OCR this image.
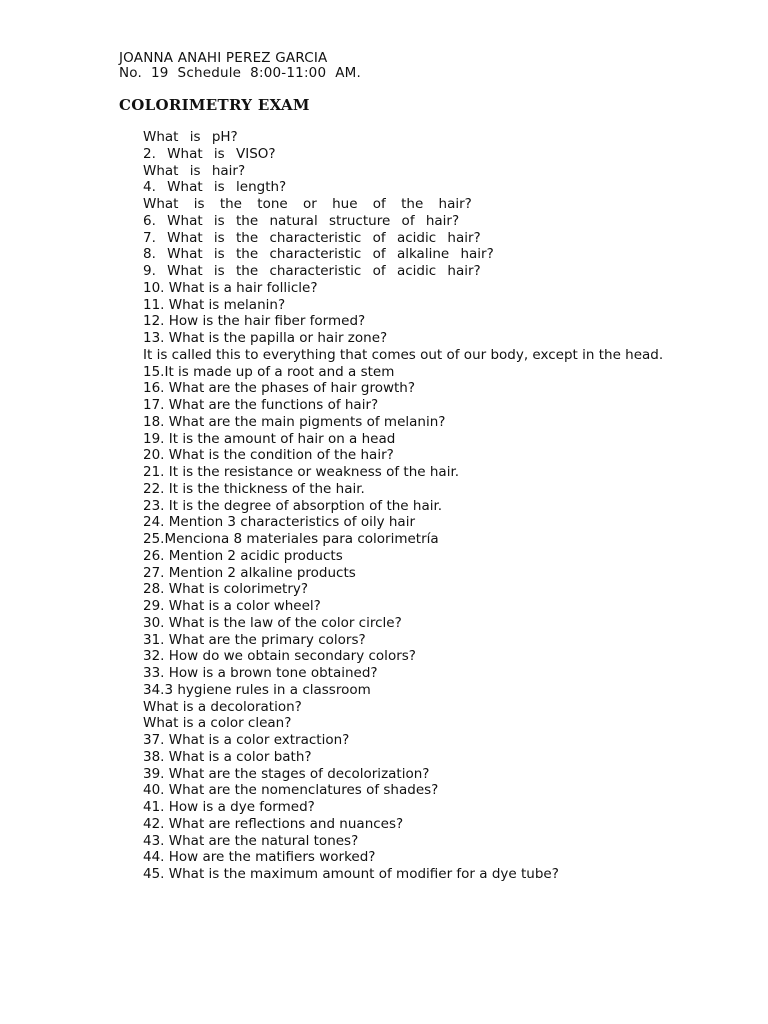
JOANNA ANAHI PEREZ GARCIA
No.  19  Schedule  8:00-11:00  AM.
COLORIMETRY EXAM
What is pH?
2. What is VISO?
What is hair?
4. What is length?
What is the tone or hue of the hair?
6. What is the natural structure of hair?
7. What is the characteristic of acidic hair?
8. What is the characteristic of alkaline hair?
9. What is the characteristic of acidic hair?
10. What is a hair follicle?
11. What is melanin?
12. How is the hair fiber formed?
13. What is the papilla or hair zone?
It is called this to everything that comes out of our body, except in the head.
15.It is made up of a root and a stem
16. What are the phases of hair growth?
17. What are the functions of hair?
18. What are the main pigments of melanin?
19. It is the amount of hair on a head
20. What is the condition of the hair?
21. It is the resistance or weakness of the hair.
22. It is the thickness of the hair.
23. It is the degree of absorption of the hair.
24. Mention 3 characteristics of oily hair
25.Menciona 8 materiales para colorimetría
26. Mention 2 acidic products
27. Mention 2 alkaline products
28. What is colorimetry?
29. What is a color wheel?
30. What is the law of the color circle?
31. What are the primary colors?
32. How do we obtain secondary colors?
33. How is a brown tone obtained?
34.3 hygiene rules in a classroom
What is a decoloration?
What is a color clean?
37. What is a color extraction?
38. What is a color bath?
39. What are the stages of decolorization?
40. What are the nomenclatures of shades?
41. How is a dye formed?
42. What are reflections and nuances?
43. What are the natural tones?
44. How are the matifiers worked?
45. What is the maximum amount of modifier for a dye tube?
